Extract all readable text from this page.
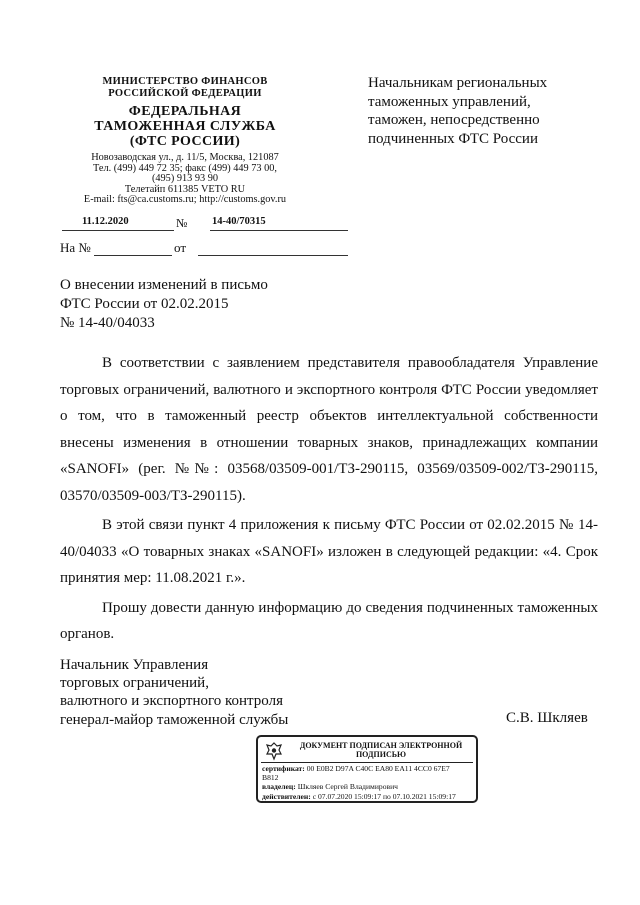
МИНИСТЕРСТВО ФИНАНСОВ
РОССИЙСКОЙ ФЕДЕРАЦИИ
ФЕДЕРАЛЬНАЯ
ТАМОЖЕННАЯ СЛУЖБА
(ФТС РОССИИ)
Новозаводская ул., д. 11/5, Москва, 121087
Тел. (499) 449 72 35; факс (499) 449 73 00,
(495) 913 93 90
Телетайп 611385 VETO RU
E-mail: fts@ca.customs.ru; http://customs.gov.ru
11.12.2020	№ 14-40/70315
На №	от
Начальникам региональных
таможенных управлений,
таможен, непосредственно
подчиненных ФТС России
О внесении изменений в письмо
ФТС России от 02.02.2015
№ 14-40/04033

В соответствии с заявлением представителя правообладателя Управление торговых ограничений, валютного и экспортного контроля ФТС России уведомляет о том, что в таможенный реестр объектов интеллектуальной собственности внесены изменения в отношении товарных знаков, принадлежащих компании «SANOFI» (рег. №№: 03568/03509-001/ТЗ-290115, 03569/03509-002/ТЗ-290115, 03570/03509-003/ТЗ-290115).

В этой связи пункт 4 приложения к письму ФТС России от 02.02.2015 № 14-40/04033 «О товарных знаках «SANOFI» изложен в следующей редакции: «4. Срок принятия мер: 11.08.2021 г.».

Прошу довести данную информацию до сведения подчиненных таможенных органов.

Начальник Управления
торговых ограничений,
валютного и экспортного контроля
генерал-майор таможенной службы	С.В. Шкляев
ДОКУМЕНТ ПОДПИСАН ЭЛЕКТРОННОЙ
ПОДПИСЬЮ
сертификат: 00 E0B2 D97A C40C EA80 EA11 4CC0 67E7
B812
владелец: Шкляев Сергей Владимирович
действителен: с 07.07.2020 15:09:17 по 07.10.2021 15:09:17
